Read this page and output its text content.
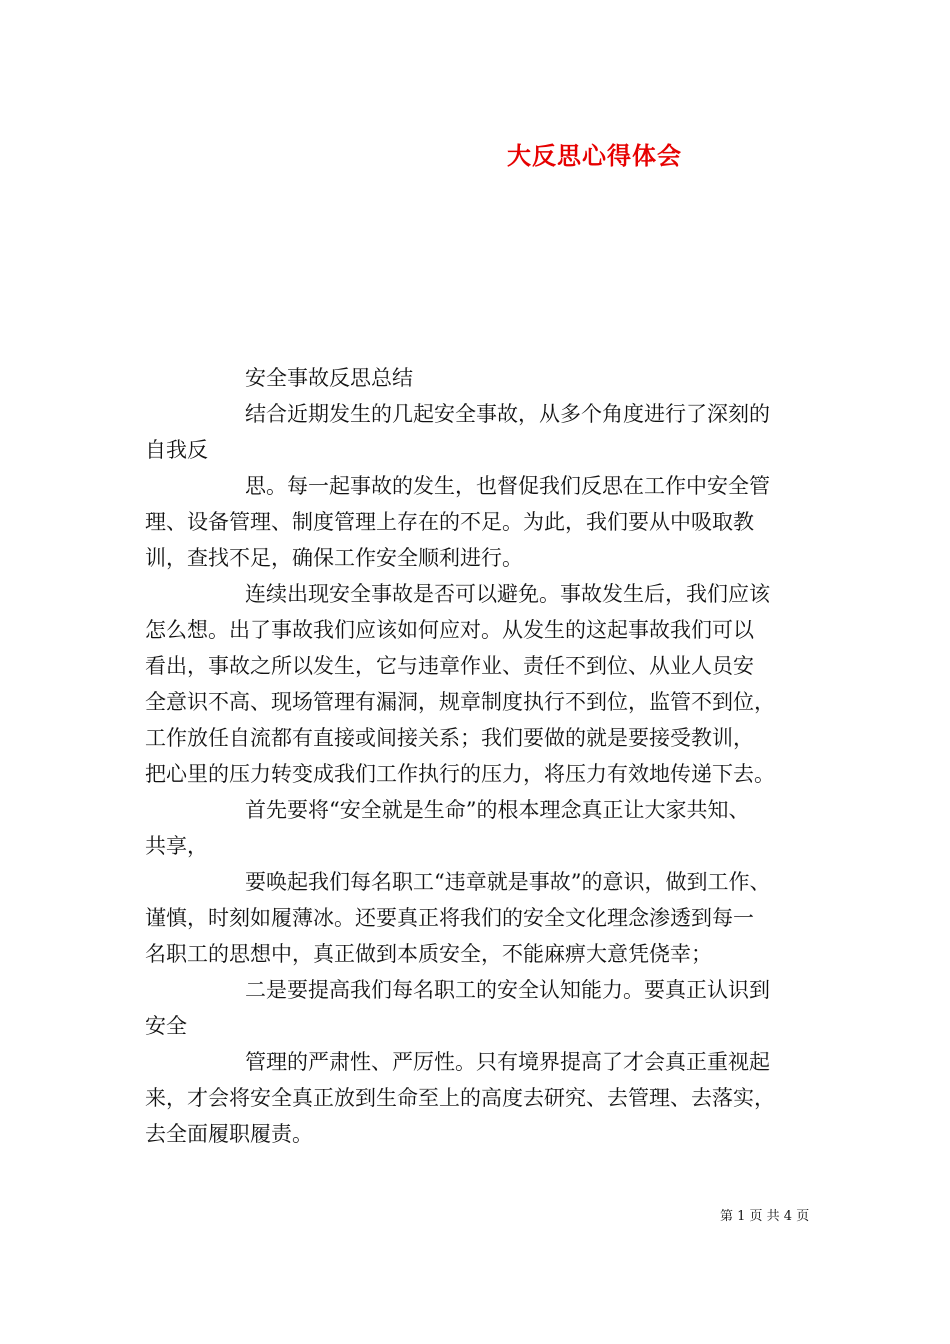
大反思心得体会

安全事故反思总结

结合近期发生的几起安全事故，从多个角度进行了深刻的

自我反

思。每一起事故的发生，也督促我们反思在工作中安全管

理、设备管理、制度管理上存在的不足。为此，我们要从中吸取教

训，查找不足，确保工作安全顺利进行。

连续出现安全事故是否可以避免。事故发生后，我们应该

怎么想。出了事故我们应该如何应对。从发生的这起事故我们可以

看出，事故之所以发生，它与违章作业、责任不到位、从业人员安

全意识不高、现场管理有漏洞，规章制度执行不到位，监管不到位，

工作放任自流都有直接或间接关系；我们要做的就是要接受教训，

把心里的压力转变成我们工作执行的压力，将压力有效地传递下去。

首先要将“安全就是生命”的根本理念真正让大家共知、

共享，

要唤起我们每名职工“违章就是事故”的意识，做到工作、

谨慎，时刻如履薄冰。还要真正将我们的安全文化理念渗透到每一

名职工的思想中，真正做到本质安全，不能麻痹大意凭侥幸；

二是要提高我们每名职工的安全认知能力。要真正认识到

安全

管理的严肃性、严厉性。只有境界提高了才会真正重视起

来，才会将安全真正放到生命至上的高度去研究、去管理、去落实，

去全面履职履责。

第 1 页 共 4 页
